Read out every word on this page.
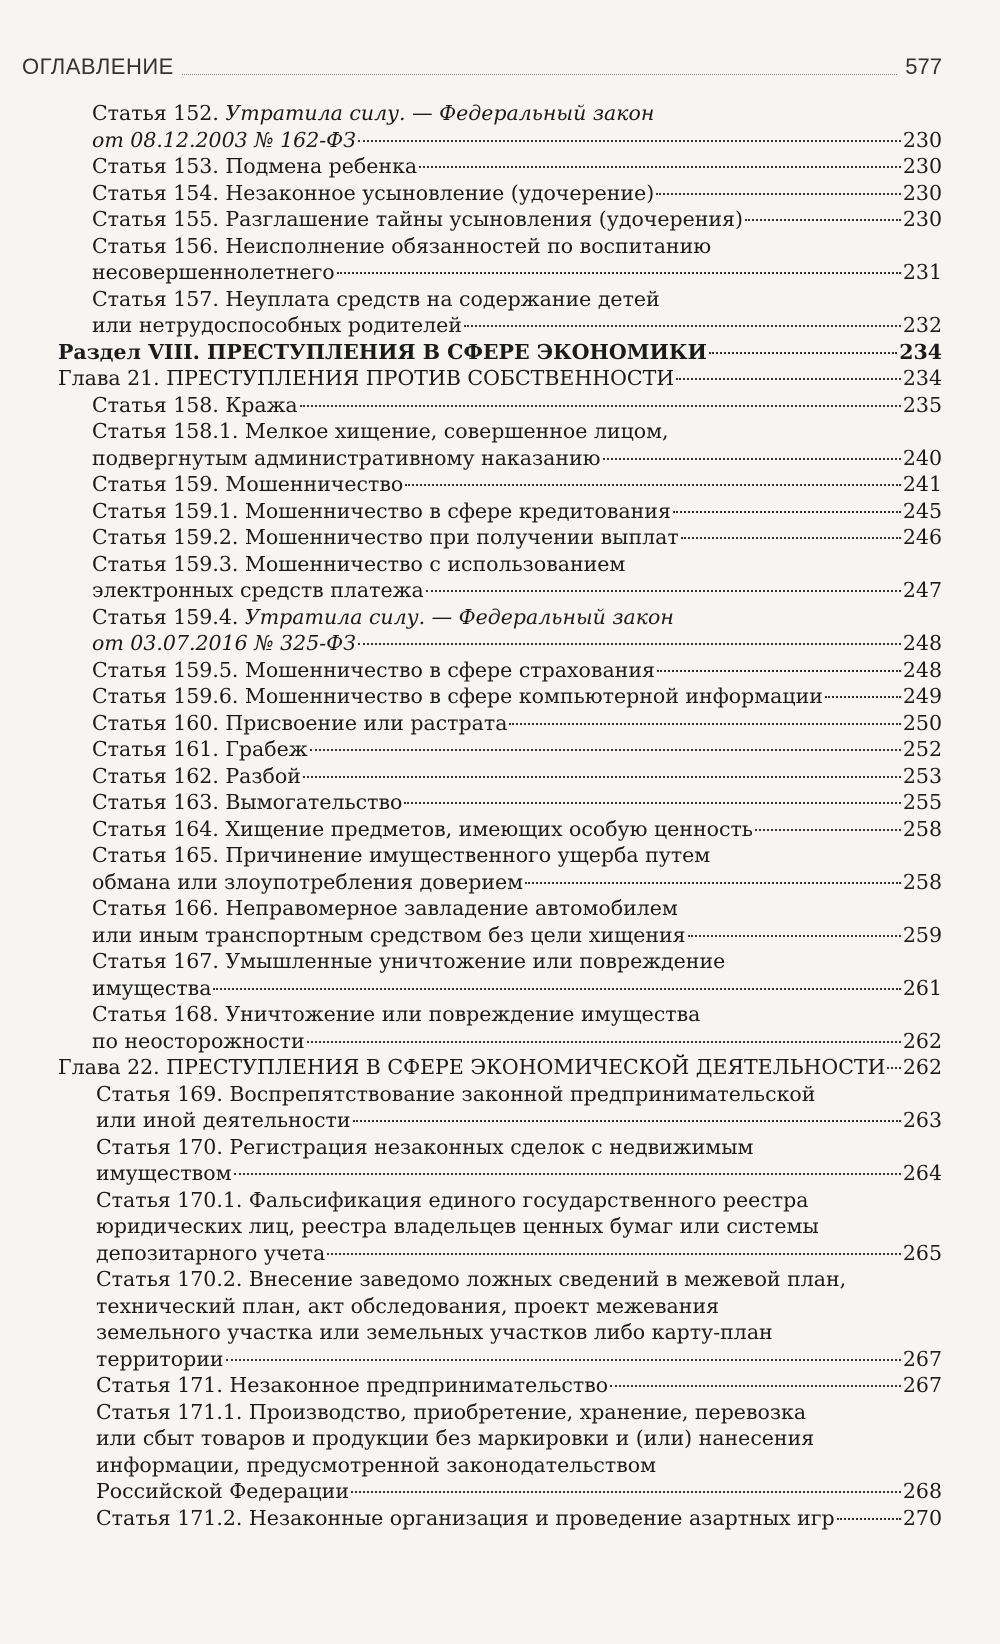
ОГЛАВЛЕНИЕ	577
Статья 152. Утратила силу. — Федеральный закон
от 08.12.2003 № 162-ФЗ	230
Статья 153. Подмена ребенка	230
Статья 154. Незаконное усыновление (удочерение)	230
Статья 155. Разглашение тайны усыновления (удочерения)	230
Статья 156. Неисполнение обязанностей по воспитанию
несовершеннолетнего	231
Статья 157. Неуплата средств на содержание детей
или нетрудоспособных родителей	232
Раздел VIII. ПРЕСТУПЛЕНИЯ В СФЕРЕ ЭКОНОМИКИ	234
Глава 21. ПРЕСТУПЛЕНИЯ ПРОТИВ СОБСТВЕННОСТИ	234
Статья 158. Кража	235
Статья 158.1. Мелкое хищение, совершенное лицом,
подвергнутым административному наказанию	240
Статья 159. Мошенничество	241
Статья 159.1. Мошенничество в сфере кредитования	245
Статья 159.2. Мошенничество при получении выплат	246
Статья 159.3. Мошенничество с использованием
электронных средств платежа	247
Статья 159.4. Утратила силу. — Федеральный закон
от 03.07.2016 № 325-ФЗ	248
Статья 159.5. Мошенничество в сфере страхования	248
Статья 159.6. Мошенничество в сфере компьютерной информации	249
Статья 160. Присвоение или растрата	250
Статья 161. Грабеж	252
Статья 162. Разбой	253
Статья 163. Вымогательство	255
Статья 164. Хищение предметов, имеющих особую ценность	258
Статья 165. Причинение имущественного ущерба путем
обмана или злоупотребления доверием	258
Статья 166. Неправомерное завладение автомобилем
или иным транспортным средством без цели хищения	259
Статья 167. Умышленные уничтожение или повреждение
имущества	261
Статья 168. Уничтожение или повреждение имущества
по неосторожности	262
Глава 22. ПРЕСТУПЛЕНИЯ В СФЕРЕ ЭКОНОМИЧЕСКОЙ ДЕЯТЕЛЬНОСТИ 262
Статья 169. Воспрепятствование законной предпринимательской
или иной деятельности	263
Статья 170. Регистрация незаконных сделок с недвижимым
имуществом	264
Статья 170.1. Фальсификация единого государственного реестра
юридических лиц, реестра владельцев ценных бумаг или системы
депозитарного учета	265
Статья 170.2. Внесение заведомо ложных сведений в межевой план,
технический план, акт обследования, проект межевания
земельного участка или земельных участков либо карту-план
территории	267
Статья 171. Незаконное предпринимательство	267
Статья 171.1. Производство, приобретение, хранение, перевозка
или сбыт товаров и продукции без маркировки и (или) нанесения
информации, предусмотренной законодательством
Российской Федерации	268
Статья 171.2. Незаконные организация и проведение азартных игр	270
